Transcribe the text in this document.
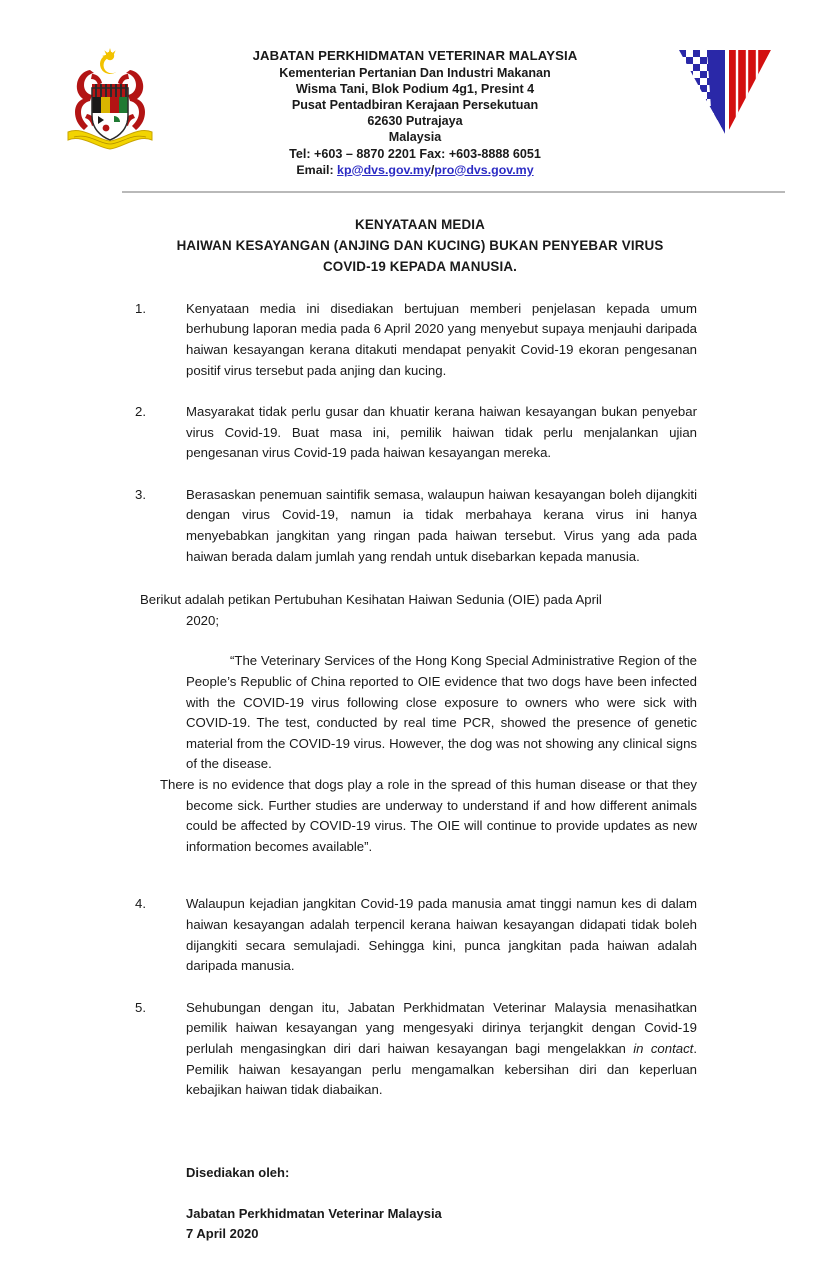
JABATAN PERKHIDMATAN VETERINAR MALAYSIA
Kementerian Pertanian Dan Industri Makanan
Wisma Tani, Blok Podium 4g1, Presint 4
Pusat Pentadbiran Kerajaan Persekutuan
62630 Putrajaya
Malaysia
Tel: +603 – 8870 2201 Fax: +603-8888 6051
Email: kp@dvs.gov.my/pro@dvs.gov.my
KENYATAAN MEDIA
HAIWAN KESAYANGAN (ANJING DAN KUCING) BUKAN PENYEBAR VIRUS
COVID-19 KEPADA MANUSIA.
1.	Kenyataan media ini disediakan bertujuan memberi penjelasan kepada umum berhubung laporan media pada 6 April 2020 yang menyebut supaya menjauhi daripada haiwan kesayangan kerana ditakuti mendapat penyakit Covid-19 ekoran pengesanan positif virus tersebut pada anjing dan kucing.
2.	Masyarakat tidak perlu gusar dan khuatir kerana haiwan kesayangan bukan penyebar virus Covid-19. Buat masa ini, pemilik haiwan tidak perlu menjalankan ujian pengesanan virus Covid-19 pada haiwan kesayangan mereka.
3.	Berasaskan penemuan saintifik semasa, walaupun haiwan kesayangan boleh dijangkiti dengan virus Covid-19, namun ia tidak merbahaya kerana virus ini hanya menyebabkan jangkitan yang ringan pada haiwan tersebut. Virus yang ada pada haiwan berada dalam jumlah yang rendah untuk disebarkan kepada manusia.
Berikut adalah petikan Pertubuhan Kesihatan Haiwan Sedunia (OIE) pada April
2020;
“The Veterinary Services of the Hong Kong Special Administrative Region of the People’s Republic of China reported to OIE evidence that two dogs have been infected with the COVID-19 virus following close exposure to owners who were sick with COVID-19. The test, conducted by real time PCR, showed the presence of genetic material from the COVID-19 virus. However, the dog was not showing any clinical signs of the disease.
There is no evidence that dogs play a role in the spread of this human disease or that they become sick. Further studies are underway to understand if and how different animals could be affected by COVID-19 virus. The OIE will continue to provide updates as new information becomes available”.
4.	Walaupun kejadian jangkitan Covid-19 pada manusia amat tinggi namun kes di dalam haiwan kesayangan adalah terpencil kerana haiwan kesayangan didapati tidak boleh dijangkiti secara semulajadi. Sehingga kini, punca jangkitan pada haiwan adalah daripada manusia.
5.	Sehubungan dengan itu, Jabatan Perkhidmatan Veterinar Malaysia menasihatkan pemilik haiwan kesayangan yang mengesyaki dirinya terjangkit dengan Covid-19 perlulah mengasingkan diri dari haiwan kesayangan bagi mengelakkan in contact. Pemilik haiwan kesayangan perlu mengamalkan kebersihan diri dan keperluan kebajikan haiwan tidak diabaikan.
Disediakan oleh:
Jabatan Perkhidmatan Veterinar Malaysia
7 April 2020
